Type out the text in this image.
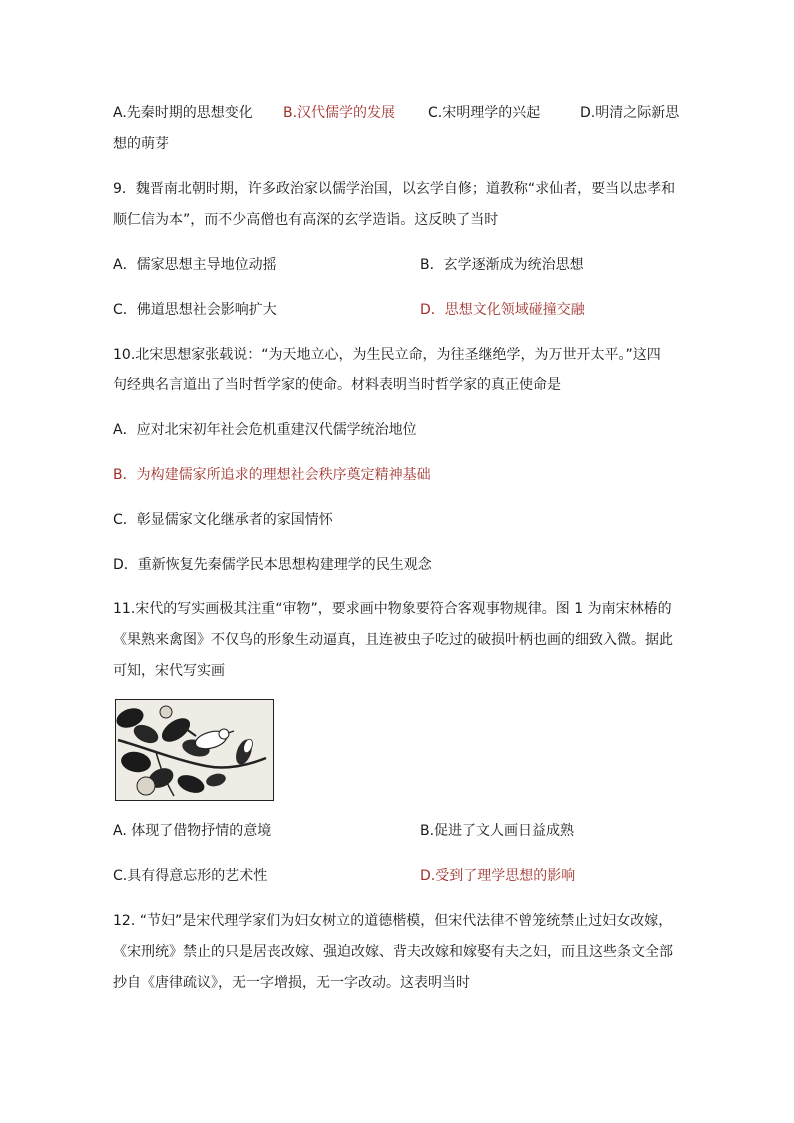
A.先秦时期的思想变化 B.汉代儒学的发展 C.宋明理学的兴起	D.明清之际新思
想的萌芽
9．魏晋南北朝时期，许多政治家以儒学治国，以玄学自修；道教称“求仙者，要当以忠孝和
顺仁信为本”，而不少高僧也有高深的玄学造诣。这反映了当时
A．儒家思想主导地位动摇	B．玄学逐渐成为统治思想
C．佛道思想社会影响扩大	D．思想文化领域碰撞交融
10.北宋思想家张载说：“为天地立心，为生民立命，为往圣继绝学，为万世开太平。”这四
句经典名言道出了当时哲学家的使命。材料表明当时哲学家的真正使命是
A．应对北宋初年社会危机重建汉代儒学统治地位
B．为构建儒家所追求的理想社会秩序奠定精神基础
C．彰显儒家文化继承者的家国情怀
D．重新恢复先秦儒学民本思想构建理学的民生观念
11.宋代的写实画极其注重“审物”，要求画中物象要符合客观事物规律。图 1 为南宋林椿的
《果熟来禽图》不仅鸟的形象生动逼真，且连被虫子吃过的破损叶柄也画的细致入微。据此
可知，宋代写实画
A. 体现了借物抒情的意境	B.促进了文人画日益成熟
C.具有得意忘形的艺术性	D.受到了理学思想的影响
12. “节妇”是宋代理学家们为妇女树立的道德楷模，但宋代法律不曾笼统禁止过妇女改嫁，
《宋刑统》禁止的只是居丧改嫁、强迫改嫁、背夫改嫁和嫁娶有夫之妇，而且这些条文全部
抄自《唐律疏议》，无一字增损，无一字改动。这表明当时
